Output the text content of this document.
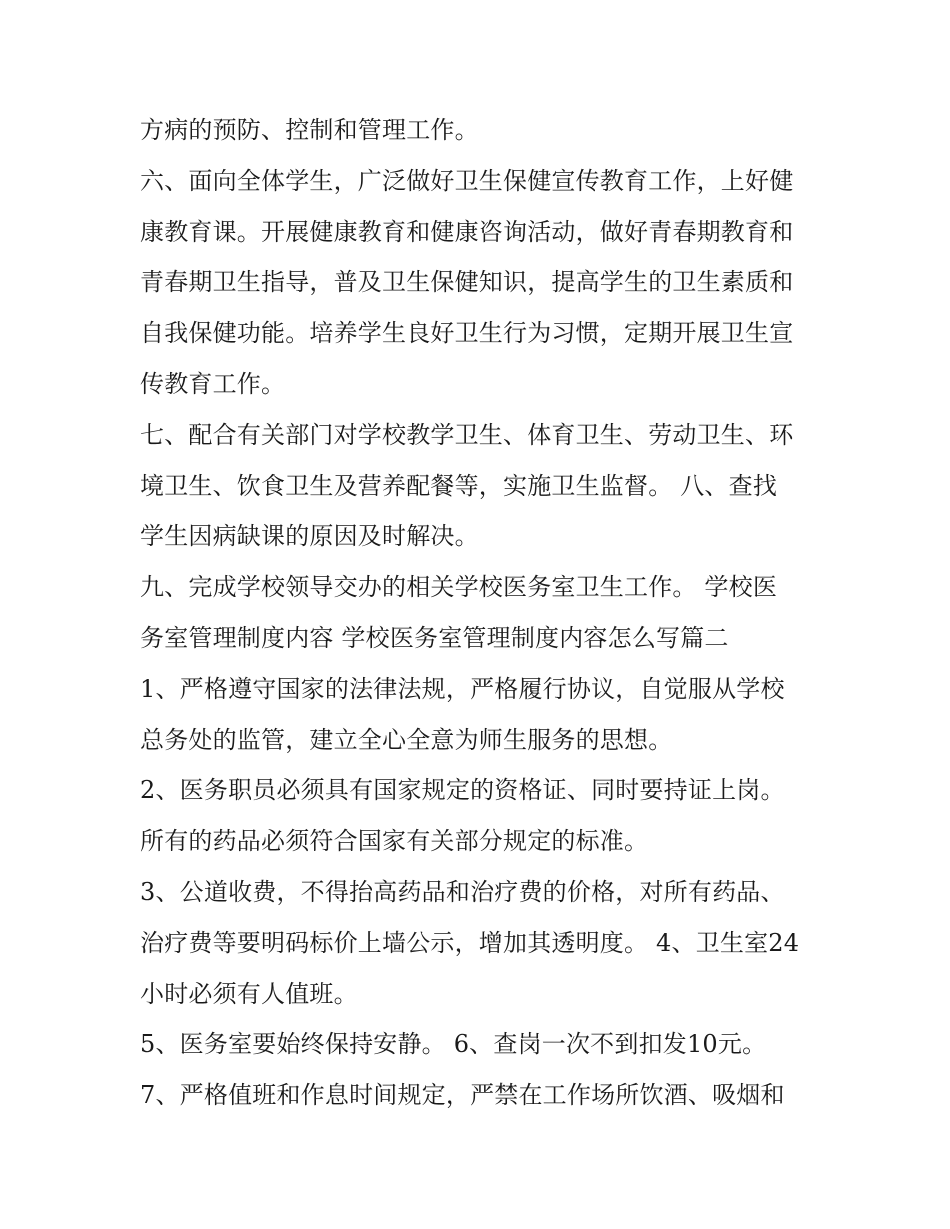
方病的预防、控制和管理工作。
六、面向全体学生，广泛做好卫生保健宣传教育工作，上好健
康教育课。开展健康教育和健康咨询活动，做好青春期教育和
青春期卫生指导，普及卫生保健知识，提高学生的卫生素质和
自我保健功能。培养学生良好卫生行为习惯，定期开展卫生宣
传教育工作。
七、配合有关部门对学校教学卫生、体育卫生、劳动卫生、环
境卫生、饮食卫生及营养配餐等，实施卫生监督。 八、查找
学生因病缺课的原因及时解决。
九、完成学校领导交办的相关学校医务室卫生工作。 学校医
务室管理制度内容 学校医务室管理制度内容怎么写篇二
1、严格遵守国家的法律法规，严格履行协议，自觉服从学校
总务处的监管，建立全心全意为师生服务的思想。
2、医务职员必须具有国家规定的资格证、同时要持证上岗。
所有的药品必须符合国家有关部分规定的标准。
3、公道收费，不得抬高药品和治疗费的价格，对所有药品、
治疗费等要明码标价上墙公示，增加其透明度。 4、卫生室24
小时必须有人值班。
5、医务室要始终保持安静。 6、查岗一次不到扣发10元。
7、严格值班和作息时间规定，严禁在工作场所饮酒、吸烟和
